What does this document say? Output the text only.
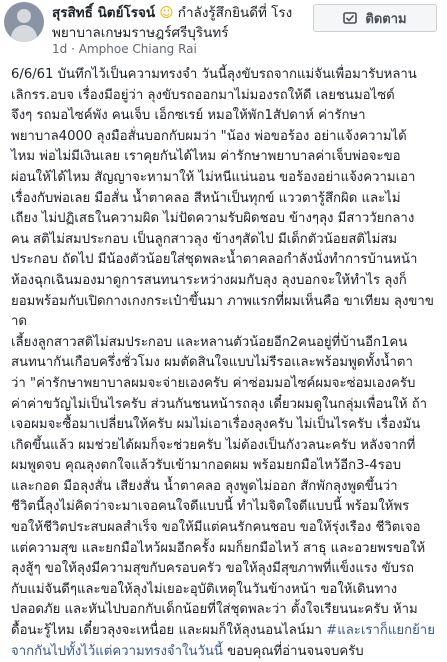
สุรสิทธิ์ นิตย์โรจน์ ☺ กำลังรู้สึกยินดีที่ โรง
พยาบาลเกษมราษฎร์ศรีบุรินทร์
1d · Amphoe Chiang Rai
ติดตาม
6/6/61 บันทึกไว้เป็นความทรงจำ วันนี้ลุงขับรถจากแม่จันเพื่อมารับหลาน
เลิกรร.อบจ เรื่องมีอยู่ว่า ลุงขับรถออกมาไม่มองรถให้ดี เลยชนมอไซด์
จึงๆ รถมอไซค์พัง คนเจ็บ เอ็กซเรย์ หมอให้พัก1สัปดาห์ ค่ารักษา
พยาบาล4000 ลุงมือสั่นบอกกับผมว่า "น้อง พ่อขอร้อง อย่าแจ้งความได้
ไหม พ่อไม่มีเงินเลย เราคุยกันได้ไหม ค่ารักษาพยาบาลค่าเจ็บพ่อจะขอ
ผ่อนให้ได้ไหม สัญญาจะหามาให้ ไม่หนีแน่นอน ขอร้องอย่าแจ้งความเอา
เรื่องกับพ่อเลย มือสั่น น้ำตาคลอ สีหน้าเป็นทุกข์ แววตารู้สึกผิด และไม่
เถียง ไม่ปฏิเสธในความผิด ไม่ปัดความรับผิดชอบ ข้างๆลุง มีสาววัยกลาง
คน สติไม่สมประกอบ เป็นลูกสาวลุง ข้างๆสัดไป มีเด็กตัวน้อยสติไม่สม
ประกอบ ถัดไป มีน้องตัวน้อยใส่ชุดพละน้ำตาคลอกำลังนั่งทำการบ้านหน้า
ห้องฉุกเฉินมองมาดูการสนทนาระหว่างผมกับลุง ลุงบอกจะให้ทำไร ลุงก็
ยอมพร้อมกับเปิดกางเกงกระเป๋าขึ้นมา ภาพแรกที่ผมเห็นคือ ขาเทียม ลุงขาขาด
เลี้ยงลูกสาวสติไม่สมประกอบ และหลานตัวน้อยอีก2คนอยู่ที่บ้านอีก1คน
สนทนากันเกือบครึ่งชั่วโมง ผมตัดสินใจแบบไม่รีรอเเละพร้อมพูดทั้งน้ำตา
ว่า "ค่ารักษาพยาบาลผมจะจ่ายเองครับ ค่าซ่อมมอไซค์ผมจะซ่อมเองครับ
ค่าค่าขวัญไม่เป็นไรครับ ส่วนกันชนหน้ารถลุง เดี๋ยวผมดูในกลุ่มเพื่อนให้ ถ้า
เจอผมจะซื้อมาเปลี่ยนให้ครับ ผมไม่เอาเรื่องลุงครับ ไม่เป็นไรครับ เรื่องมัน
เกิดขึ้นแล้ว ผมช่วยได้ผมก็จะช่วยครับ ไม่ต้องเป็นกังวลนะครับ หลังจากที่
ผมพูดจบ คุณลุงตกใจแล้วรับเข้ามากอดผม พร้อมยกมือไหว้อีก3-4รอบ
และกอด มือลุงสั่น เสียงสั่น น้ำตาคลอ ลุงพูดไม่ออก สักพักลุงพูดขึ้นว่า
ชีวิตนี้ลุงไม่คิดว่าจะมาเจอคนใจดีแบบนี้ ทำไมจิตใจดีแบบนี้ พร้อมให้พร
ขอให้ชีวิตประสบผลสำเร็จ ขอให้มีแต่คนรักคนชอบ ขอให้รุ่งเรือง ชีวิตเจอ
แต่ความสุข และยกมือไหว้ผมอีกครั้ง ผมก็ยกมือไหว้ สาธุ และอวยพรขอให้
ลุงสู้ๆ ขอให้ลุงมีความสุขกับครอบครัว ขอให้ลุงมีสุขภาพที่แข็งแรง ขับรถ
กับแม่จันดีๆและขอให้ลุงไม่เยอะอุบัติเหตุในวันข้างหน้า ขอให้เดินทาง
ปลอดภัย และหันไปบอกกับเด็กน้อยที่ใส่ชุดพละว่า ตั้งใจเรียนนะครับ ห้าม
ดื้อนะรู้ไหม เดี๋ยวลุงจะเหนื่อย และผมก็ให้ลุงนอนไลน์มา #และเราก็แยกย้ายจากกันไปทั้งไว้แต่ความทรงจำในวันนี้ ขอบคุณที่อ่านจนจบครับ
